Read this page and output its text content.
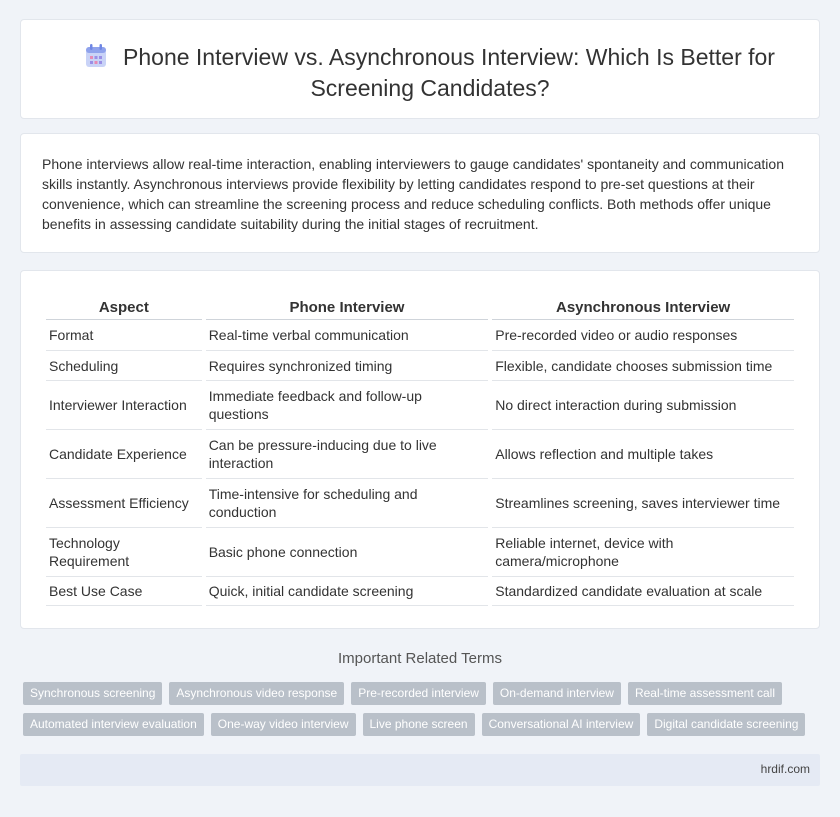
Phone Interview vs. Asynchronous Interview: Which Is Better for Screening Candidates?

Phone interviews allow real-time interaction, enabling interviewers to gauge candidates' spontaneity and communication skills instantly. Asynchronous interviews provide flexibility by letting candidates respond to pre-set questions at their convenience, which can streamline the screening process and reduce scheduling conflicts. Both methods offer unique benefits in assessing candidate suitability during the initial stages of recruitment.

Aspect	Phone Interview	Asynchronous Interview
Format	Real-time verbal communication	Pre-recorded video or audio responses
Scheduling	Requires synchronized timing	Flexible, candidate chooses submission time
Interviewer Interaction	Immediate feedback and follow-up questions	No direct interaction during submission
Candidate Experience	Can be pressure-inducing due to live interaction	Allows reflection and multiple takes
Assessment Efficiency	Time-intensive for scheduling and conduction	Streamlines screening, saves interviewer time
Technology Requirement	Basic phone connection	Reliable internet, device with camera/microphone
Best Use Case	Quick, initial candidate screening	Standardized candidate evaluation at scale
Important Related Terms
Synchronous screening Asynchronous video response Pre-recorded interview On-demand interview Real-time assessment call
Automated interview evaluation One-way video interview Live phone screen Conversational AI interview Digital candidate screening
hrdif.com
